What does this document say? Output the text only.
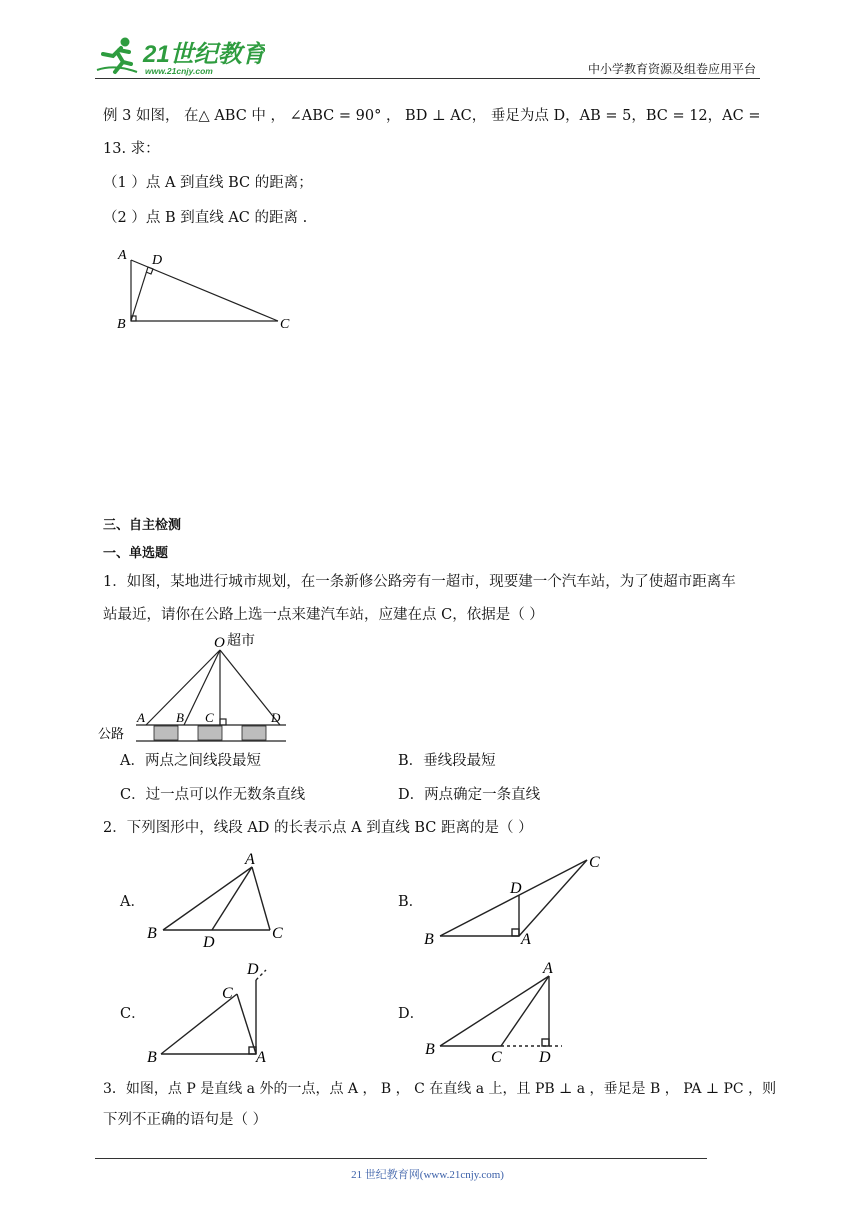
21世纪教育
www.21cnjy.com	中小学教育资源及组卷应用平台
例 3 如图， 在△ ABC 中 ， ∠ABC = 90° ， BD ⊥ AC， 垂足为点 D，AB = 5，BC = 12，AC =
13. 求：
（1 ）点 A 到直线 BC 的距离；
（2 ）点 B 到直线 AC 的距离 .
A D
B	C
三、自主检测
一、单选题
1．如图，某地进行城市规划，在一条新修公路旁有一超市，现要建一个汽车站，为了使超市距离车
站最近，请你在公路上选一点来建汽车站，应建在点 C，依据是（ ）
O 超市
A B C	D
公路
A．两点之间线段最短	B．垂线段最短
C．过一点可以作无数条直线	D．两点确定一条直线
2．下列图形中，线段 AD 的长表示点 A 到直线 BC 距离的是（ ）
A．
A
B
D
C
B．
C
D
B	A
C．
D
C
B	A
D．
A
B	C D
3．如图，点 P 是直线 a 外的一点，点 A ， B ， C 在直线 a 上，且 PB ⊥ a ，垂足是 B ， PA ⊥ PC ，则
下列不正确的语句是（ ）
21 世纪教育网(www.21cnjy.com)
